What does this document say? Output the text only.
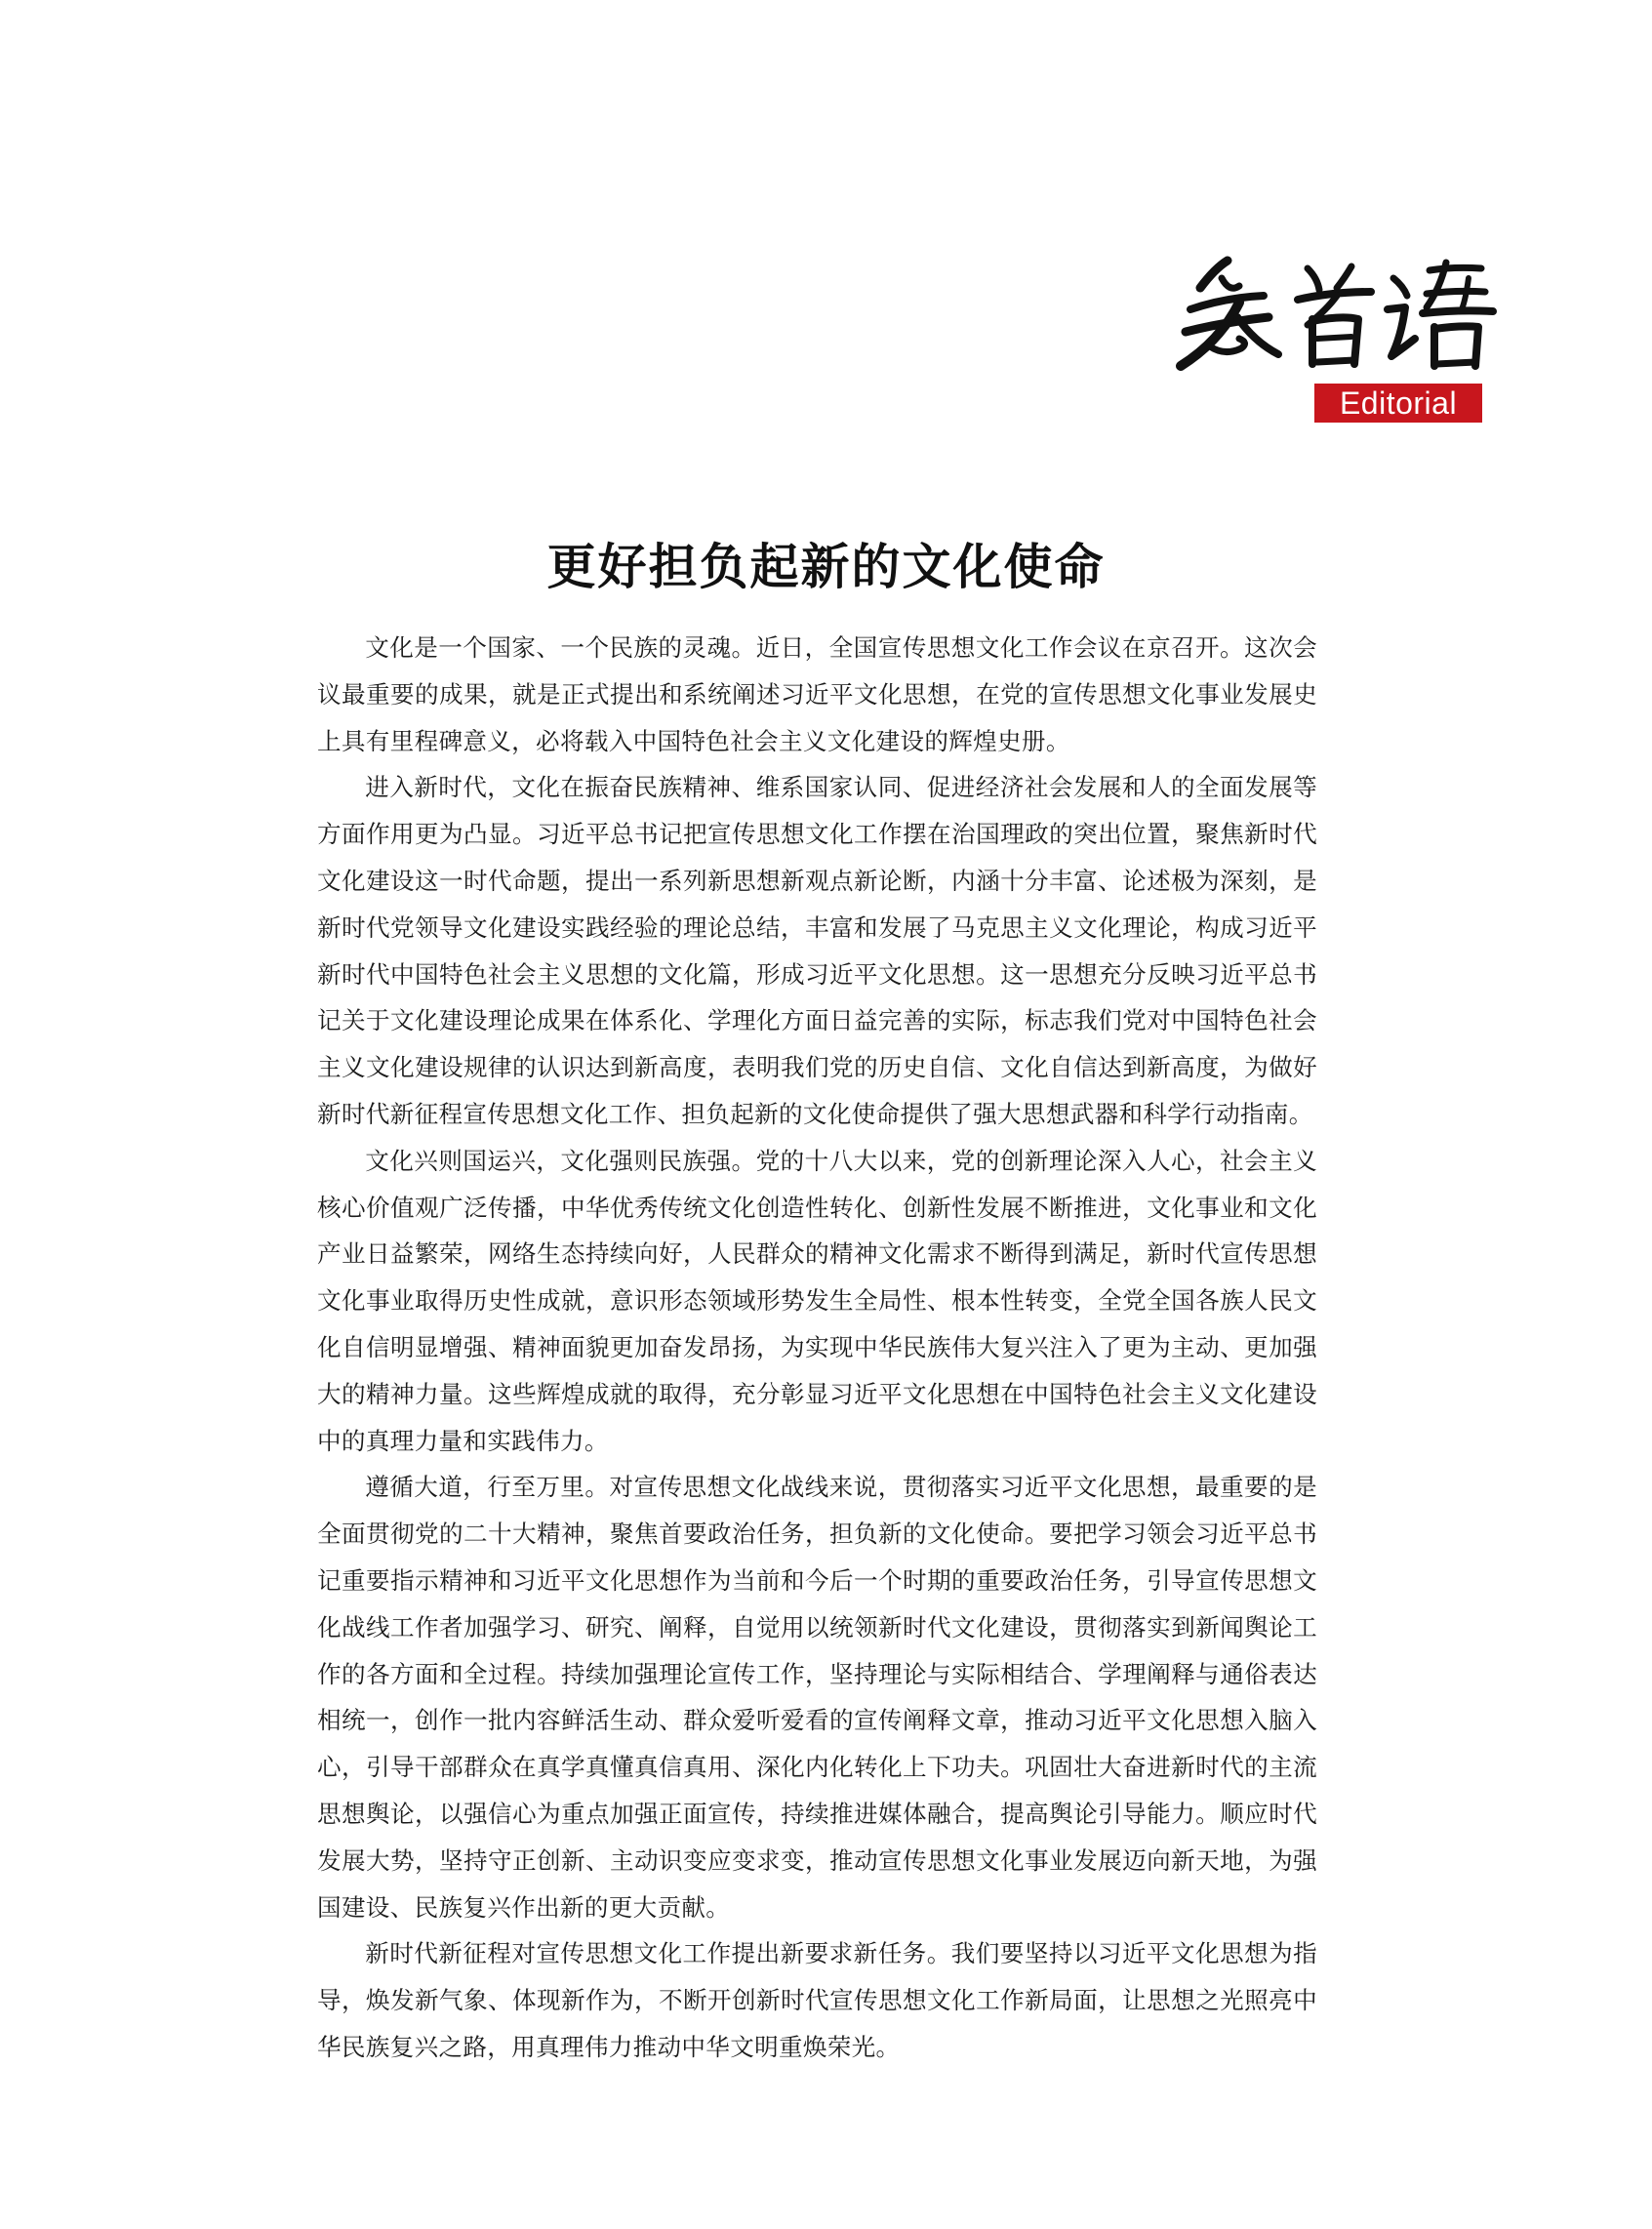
Editorial
更好担负起新的文化使命

文化是一个国家、一个民族的灵魂。近日，全国宣传思想文化工作会议在京召开。这次会议最重要的成果，就是正式提出和系统阐述习近平文化思想，在党的宣传思想文化事业发展史上具有里程碑意义，必将载入中国特色社会主义文化建设的辉煌史册。

进入新时代，文化在振奋民族精神、维系国家认同、促进经济社会发展和人的全面发展等方面作用更为凸显。习近平总书记把宣传思想文化工作摆在治国理政的突出位置，聚焦新时代文化建设这一时代命题，提出一系列新思想新观点新论断，内涵十分丰富、论述极为深刻，是新时代党领导文化建设实践经验的理论总结，丰富和发展了马克思主义文化理论，构成习近平新时代中国特色社会主义思想的文化篇，形成习近平文化思想。这一思想充分反映习近平总书记关于文化建设理论成果在体系化、学理化方面日益完善的实际，标志我们党对中国特色社会主义文化建设规律的认识达到新高度，表明我们党的历史自信、文化自信达到新高度，为做好新时代新征程宣传思想文化工作、担负起新的文化使命提供了强大思想武器和科学行动指南。

文化兴则国运兴，文化强则民族强。党的十八大以来，党的创新理论深入人心，社会主义核心价值观广泛传播，中华优秀传统文化创造性转化、创新性发展不断推进，文化事业和文化产业日益繁荣，网络生态持续向好，人民群众的精神文化需求不断得到满足，新时代宣传思想文化事业取得历史性成就，意识形态领域形势发生全局性、根本性转变，全党全国各族人民文化自信明显增强、精神面貌更加奋发昂扬，为实现中华民族伟大复兴注入了更为主动、更加强大的精神力量。这些辉煌成就的取得，充分彰显习近平文化思想在中国特色社会主义文化建设中的真理力量和实践伟力。

遵循大道，行至万里。对宣传思想文化战线来说，贯彻落实习近平文化思想，最重要的是全面贯彻党的二十大精神，聚焦首要政治任务，担负新的文化使命。要把学习领会习近平总书记重要指示精神和习近平文化思想作为当前和今后一个时期的重要政治任务，引导宣传思想文化战线工作者加强学习、研究、阐释，自觉用以统领新时代文化建设，贯彻落实到新闻舆论工作的各方面和全过程。持续加强理论宣传工作，坚持理论与实际相结合、学理阐释与通俗表达相统一，创作一批内容鲜活生动、群众爱听爱看的宣传阐释文章，推动习近平文化思想入脑入心，引导干部群众在真学真懂真信真用、深化内化转化上下功夫。巩固壮大奋进新时代的主流思想舆论，以强信心为重点加强正面宣传，持续推进媒体融合，提高舆论引导能力。顺应时代发展大势，坚持守正创新、主动识变应变求变，推动宣传思想文化事业发展迈向新天地，为强国建设、民族复兴作出新的更大贡献。

新时代新征程对宣传思想文化工作提出新要求新任务。我们要坚持以习近平文化思想为指导，焕发新气象、体现新作为，不断开创新时代宣传思想文化工作新局面，让思想之光照亮中华民族复兴之路，用真理伟力推动中华文明重焕荣光。
